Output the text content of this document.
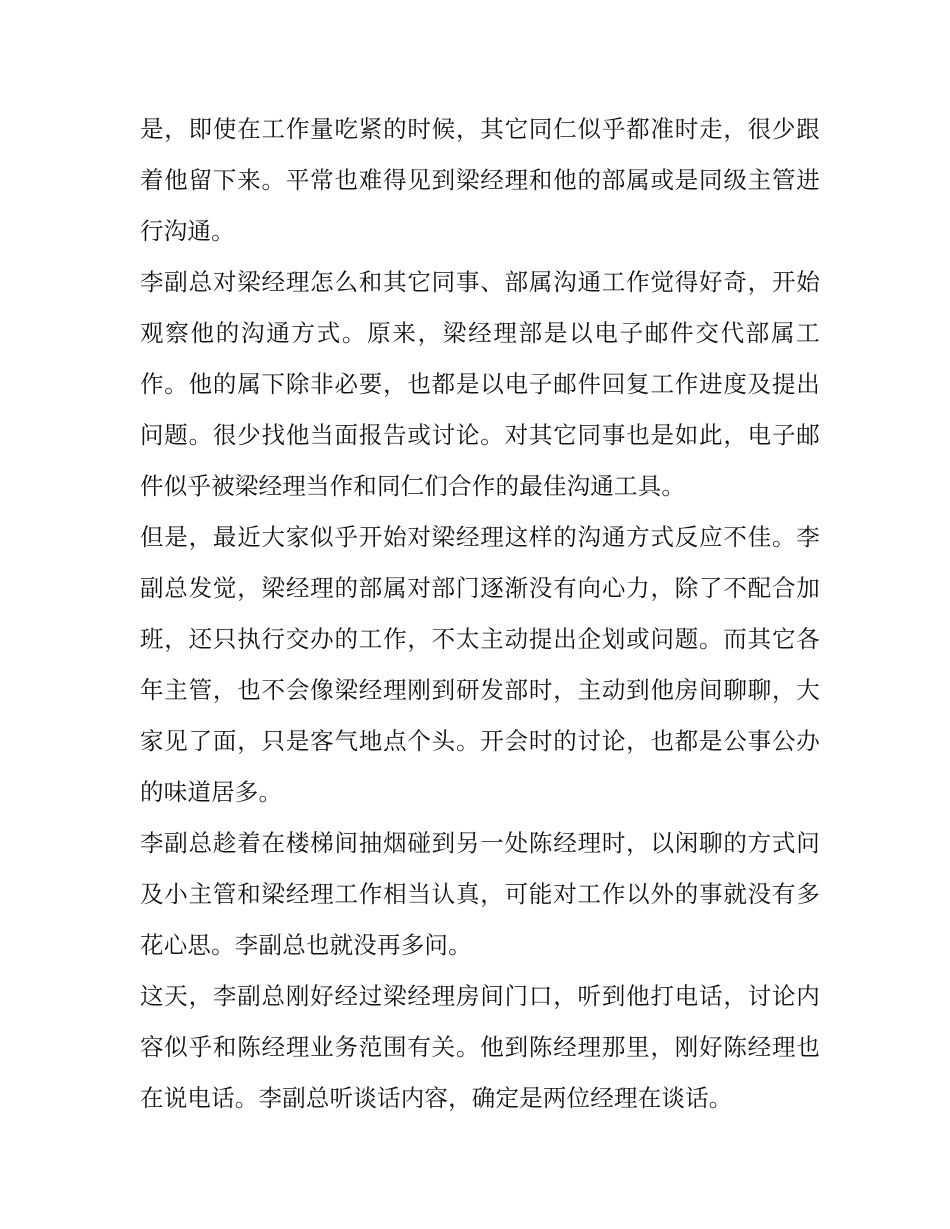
是，即使在工作量吃紧的时候，其它同仁似乎都准时走，很少跟着他留下来。平常也难得见到梁经理和他的部属或是同级主管进行沟通。

李副总对梁经理怎么和其它同事、部属沟通工作觉得好奇，开始观察他的沟通方式。原来，梁经理部是以电子邮件交代部属工作。他的属下除非必要，也都是以电子邮件回复工作进度及提出问题。很少找他当面报告或讨论。对其它同事也是如此，电子邮件似乎被梁经理当作和同仁们合作的最佳沟通工具。

但是，最近大家似乎开始对梁经理这样的沟通方式反应不佳。李副总发觉，梁经理的部属对部门逐渐没有向心力，除了不配合加班，还只执行交办的工作，不太主动提出企划或问题。而其它各年主管，也不会像梁经理刚到研发部时，主动到他房间聊聊，大家见了面，只是客气地点个头。开会时的讨论，也都是公事公办的味道居多。

李副总趁着在楼梯间抽烟碰到另一处陈经理时，以闲聊的方式问及小主管和梁经理工作相当认真，可能对工作以外的事就没有多花心思。李副总也就没再多问。

这天，李副总刚好经过梁经理房间门口，听到他打电话，讨论内容似乎和陈经理业务范围有关。他到陈经理那里，刚好陈经理也在说电话。李副总听谈话内容，确定是两位经理在谈话。
